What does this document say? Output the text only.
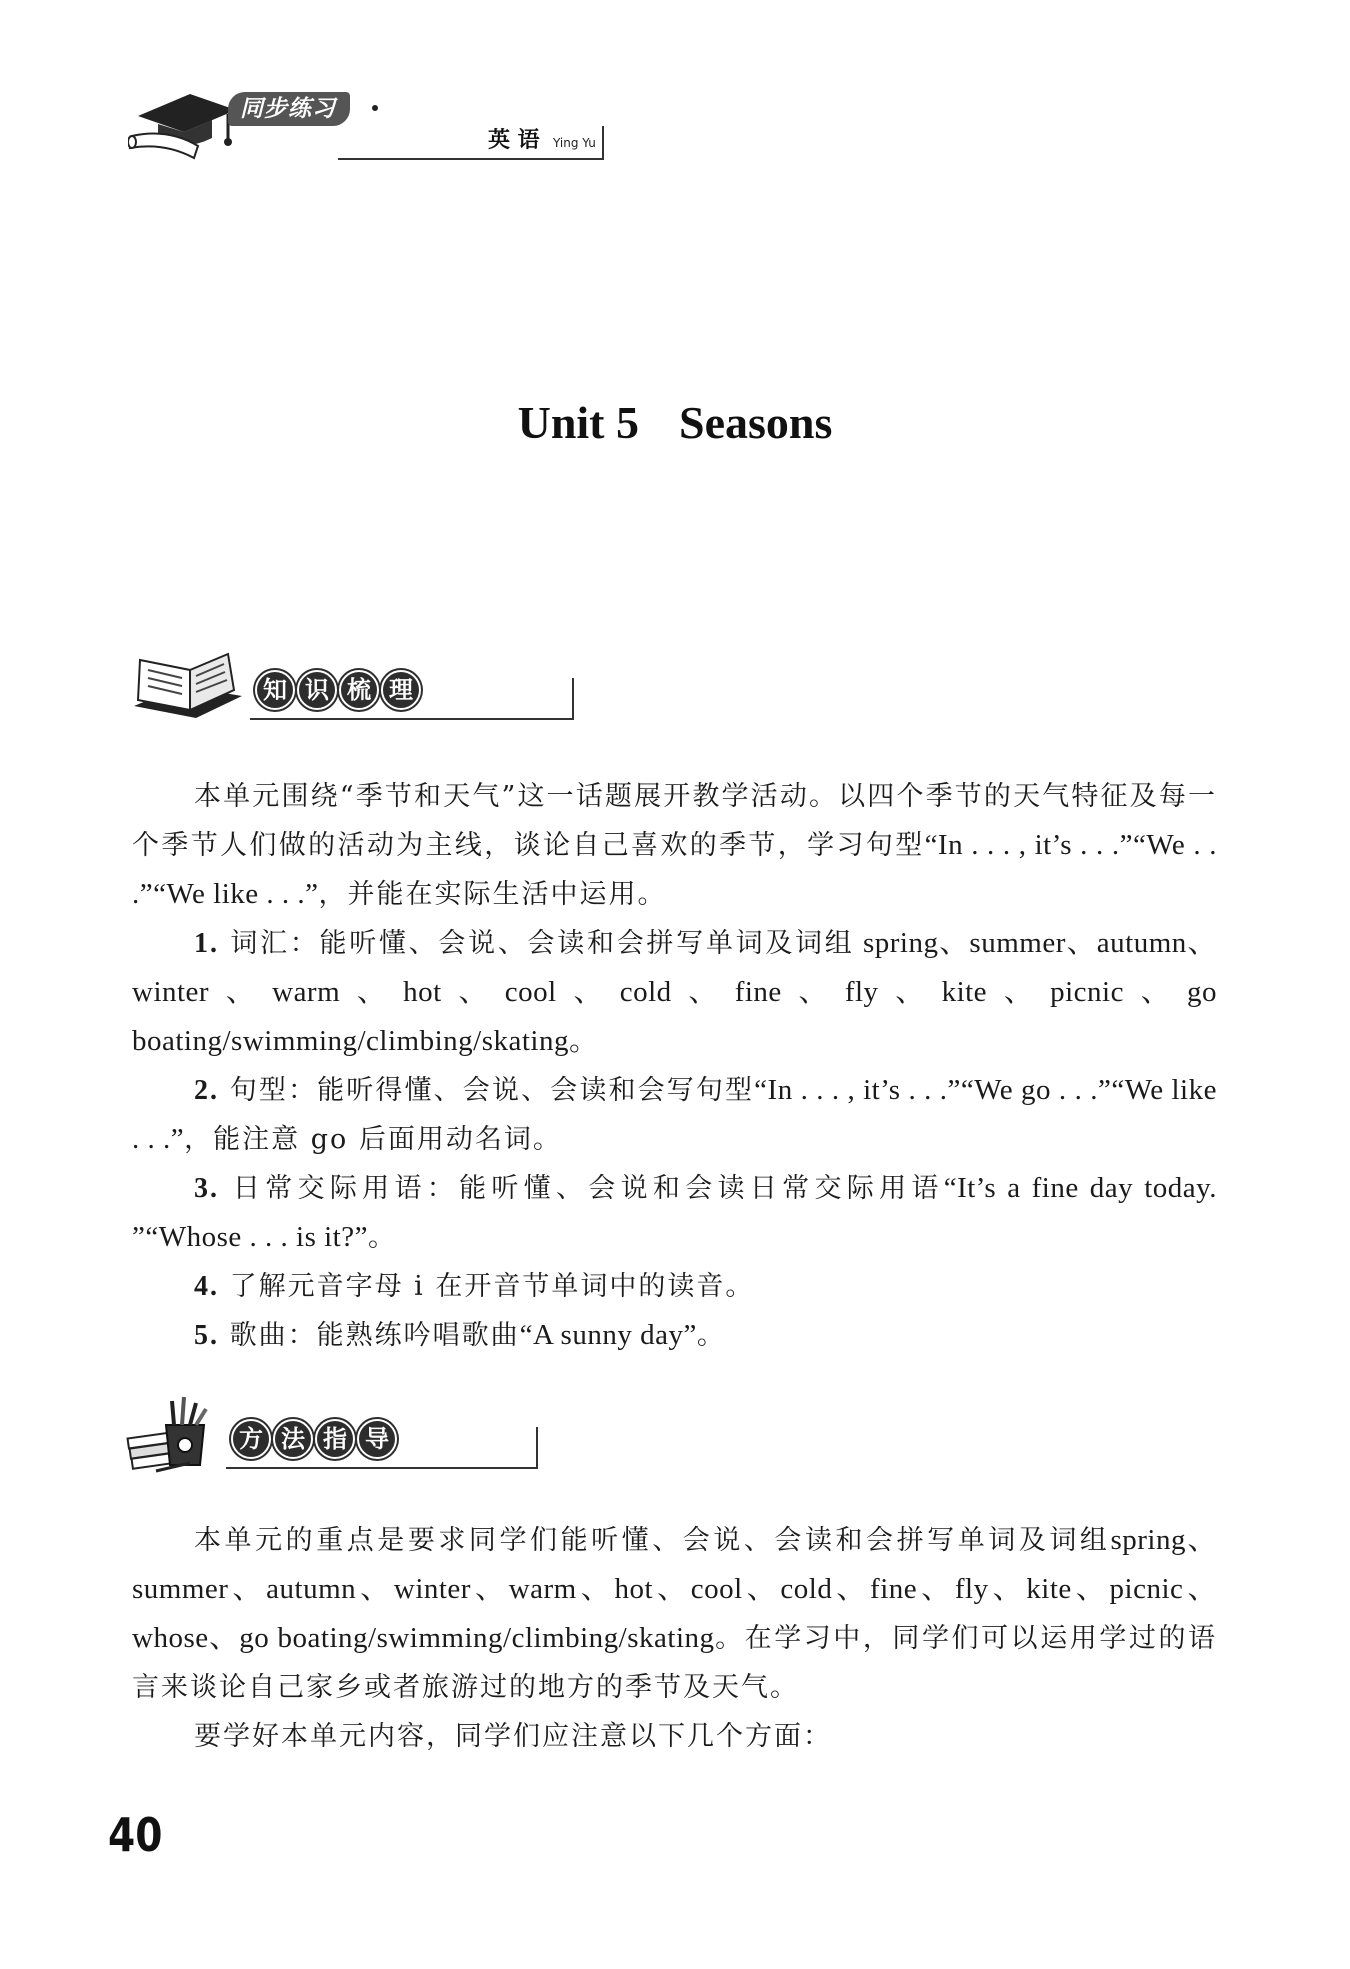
同步练习
英 语 Ying Yu
Unit 5 Seasons
知 识 梳 理

本单元围绕“季节和天气”这一话题展开教学活动。以四个季节的天气特征及每一个季节人们做的活动为主线，谈论自己喜欢的季节，学习句型“In . . . , it’s . . .”“We . . .”“We like . . .”，并能在实际生活中运用。

1. 词汇：能听懂、会说、会读和会拼写单词及词组 spring、summer、autumn、winter、warm、hot、cool、cold、fine、fly、kite、picnic、go boating/swimming/climbing/skating。

2. 句型：能听得懂、会说、会读和会写句型“In . . . , it’s . . .”“We go . . .”“We like . . .”，能注意 go 后面用动名词。

3. 日常交际用语：能听懂、会说和会读日常交际用语“It’s a fine day today. ”“Whose . . . is it?”。

4. 了解元音字母 i 在开音节单词中的读音。

5. 歌曲：能熟练吟唱歌曲“A sunny day”。

方 法 指 导

本单元的重点是要求同学们能听懂、会说、会读和会拼写单词及词组spring、summer、autumn、winter、warm、hot、cool、cold、fine、fly、kite、picnic、whose、go boating/swimming/climbing/skating。在学习中，同学们可以运用学过的语言来谈论自己家乡或者旅游过的地方的季节及天气。

要学好本单元内容，同学们应注意以下几个方面：

40
